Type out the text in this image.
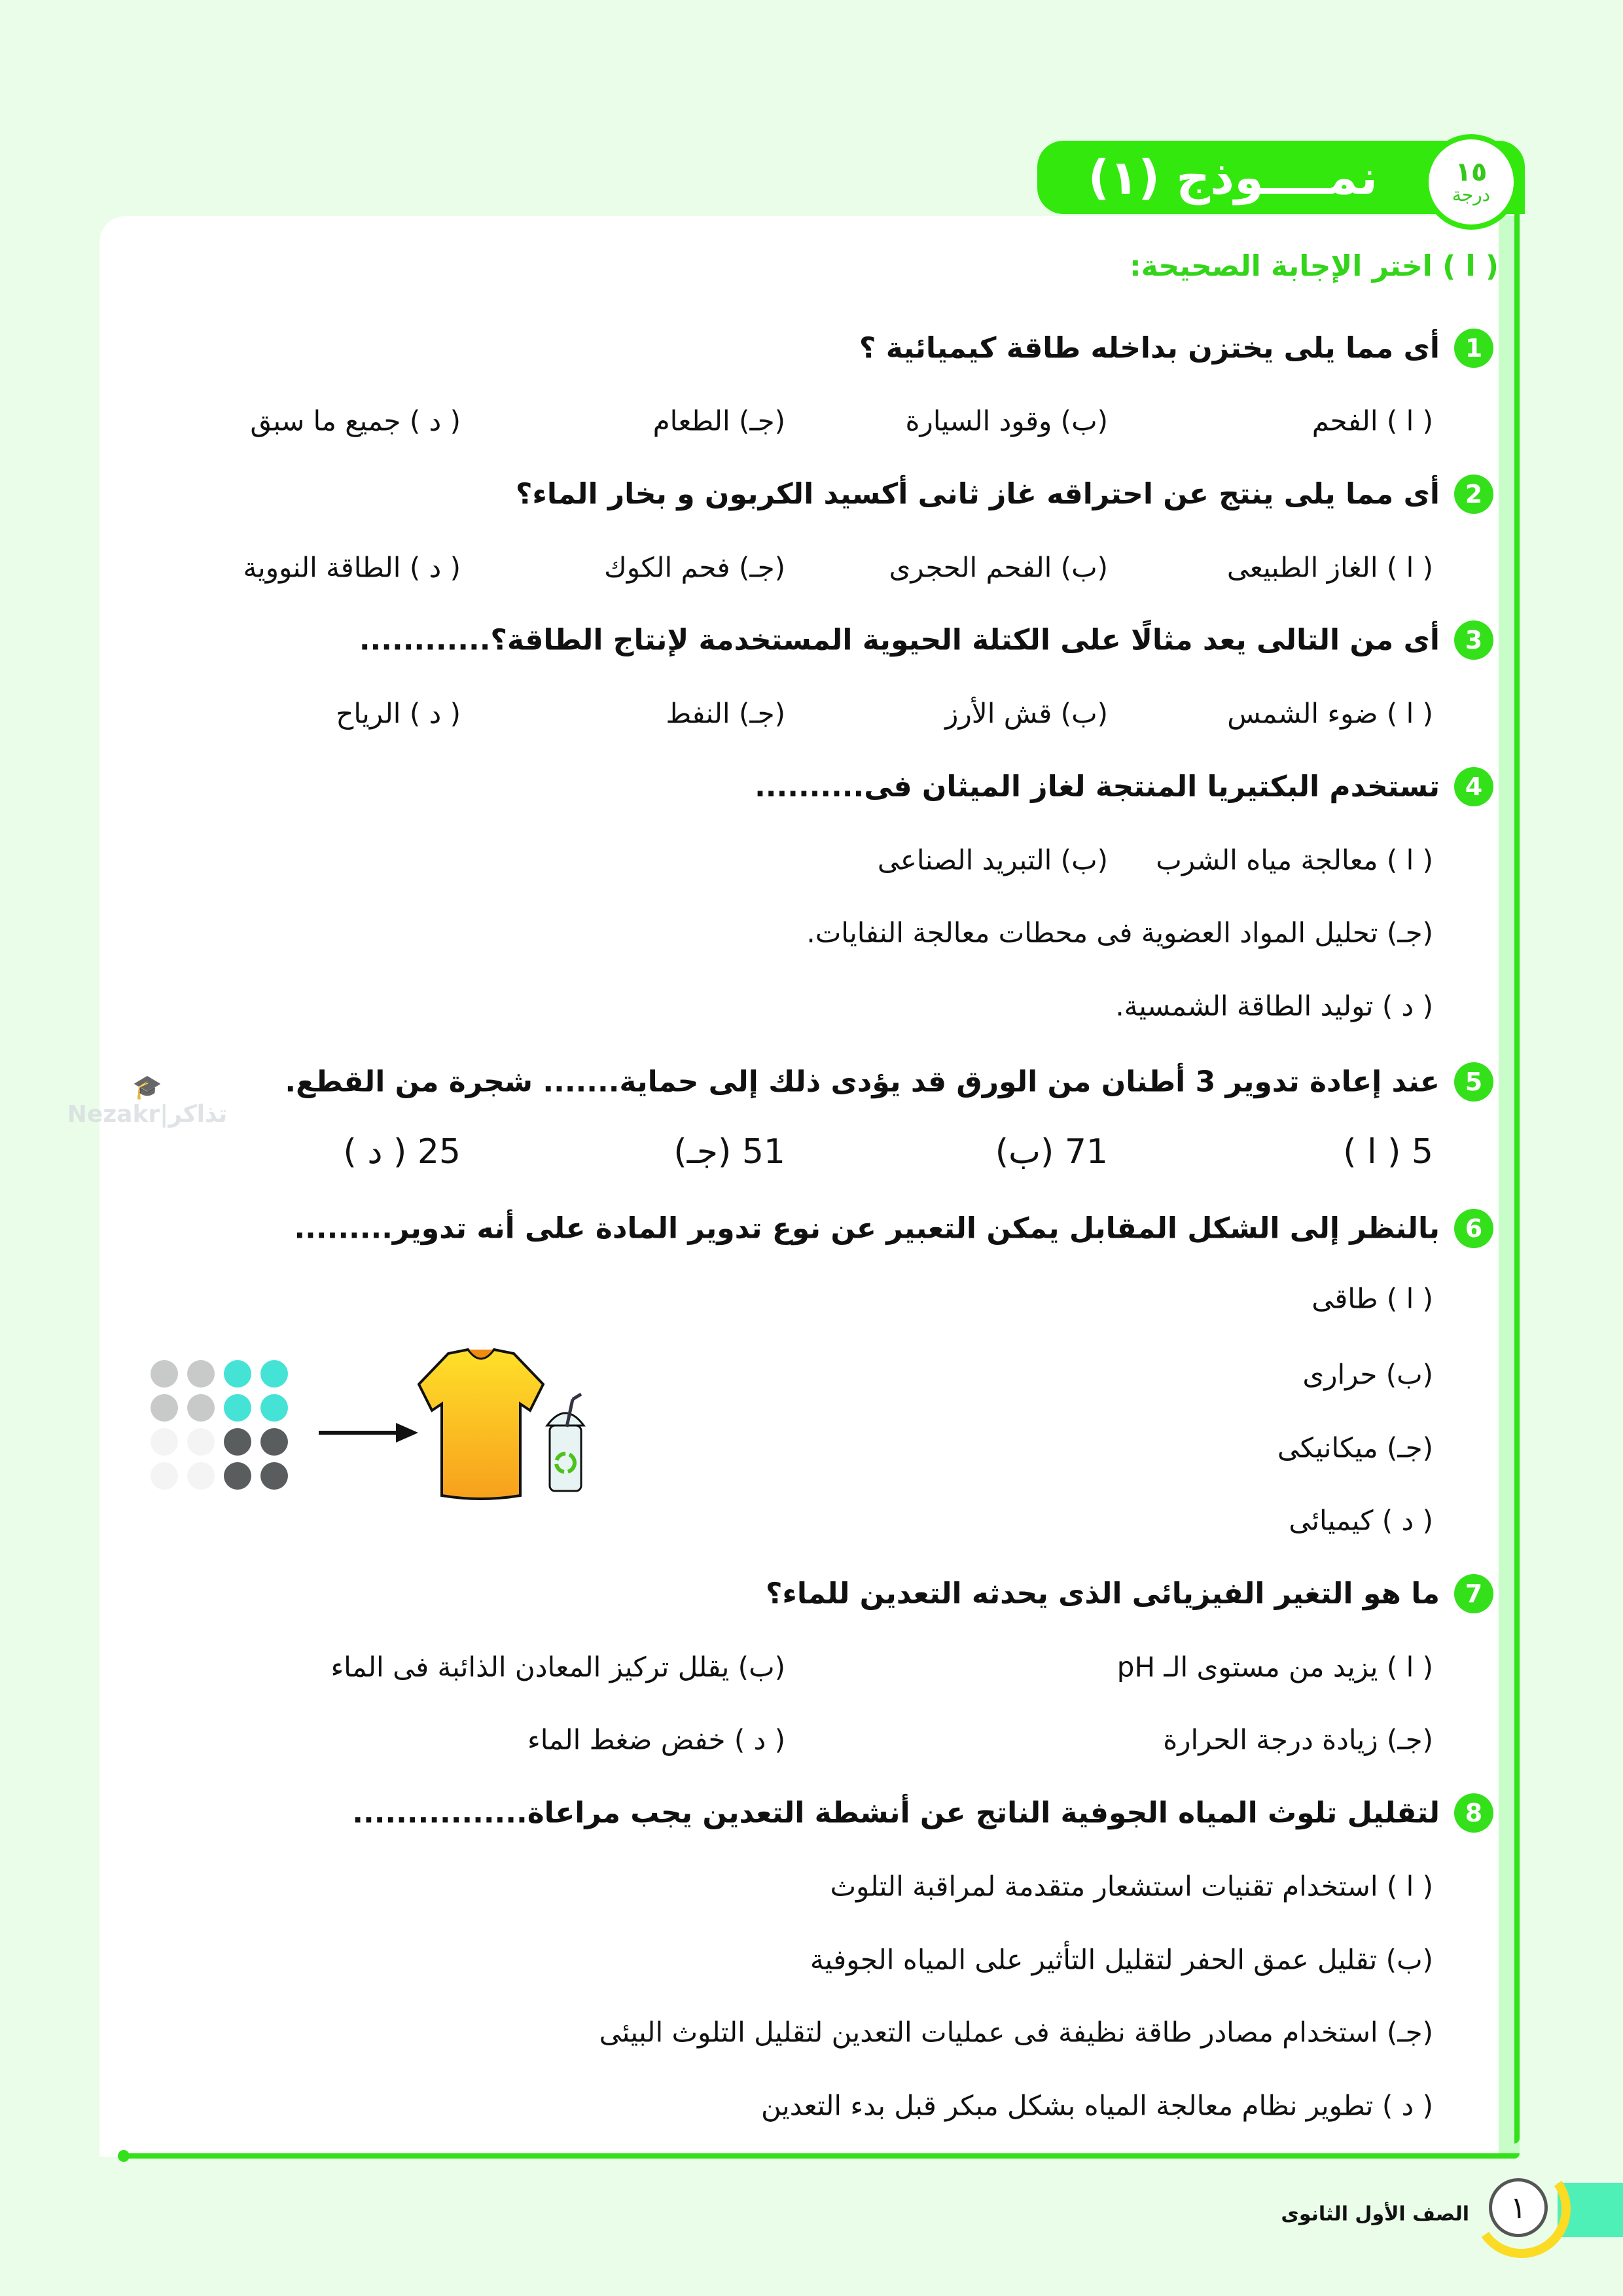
نمــــوذج (١)	١٥
درجة
( ا ) اختر الإجابة الصحيحة:
🎓
Nezakr|تذاكر
1
أى مما يلى يختزن بداخله طاقة كيميائية ؟
( ا ) الفحم
(ب) وقود السيارة
(جـ) الطعام
( د ) جميع ما سبق
2
أى مما يلى ينتج عن احتراقه غاز ثانى أكسيد الكربون و بخار الماء؟
( ا ) الغاز الطبيعى
(ب) الفحم الحجرى
(جـ) فحم الكوك
( د ) الطاقة النووية
3
أى من التالى يعد مثالًا على الكتلة الحيوية المستخدمة لإنتاج الطاقة؟............
( ا ) ضوء الشمس
(ب) قش الأرز
(جـ) النفط
( د ) الرياح
4
تستخدم البكتيريا المنتجة لغاز الميثان فى..........
( ا ) معالجة مياه الشرب
(ب) التبريد الصناعى
(جـ) تحليل المواد العضوية فى محطات معالجة النفايات.
( د ) توليد الطاقة الشمسية.
5
عند إعادة تدوير 3 أطنان من الورق قد يؤدى ذلك إلى حماية....... شجرة من القطع.
5 ( ا )
71 (ب)
51 (جـ)
25 ( د )
6
بالنظر إلى الشكل المقابل يمكن التعبير عن نوع تدوير المادة على أنه تدوير.........
( ا ) طاقى
(ب) حرارى
(جـ) ميكانيكى
( د ) كيميائى
7
ما هو التغير الفيزيائى الذى يحدثه التعدين للماء؟
( ا ) يزيد من مستوى الـ pH
(ب) يقلل تركيز المعادن الذائبة فى الماء
(جـ) زيادة درجة الحرارة
( د ) خفض ضغط الماء
8
لتقليل تلوث المياه الجوفية الناتج عن أنشطة التعدين يجب مراعاة................
( ا ) استخدام تقنيات استشعار متقدمة لمراقبة التلوث
(ب) تقليل عمق الحفر لتقليل التأثير على المياه الجوفية
(جـ) استخدام مصادر طاقة نظيفة فى عمليات التعدين لتقليل التلوث البيئى
( د ) تطوير نظام معالجة المياه بشكل مبكر قبل بدء التعدين
١
الصف الأول الثانوى
